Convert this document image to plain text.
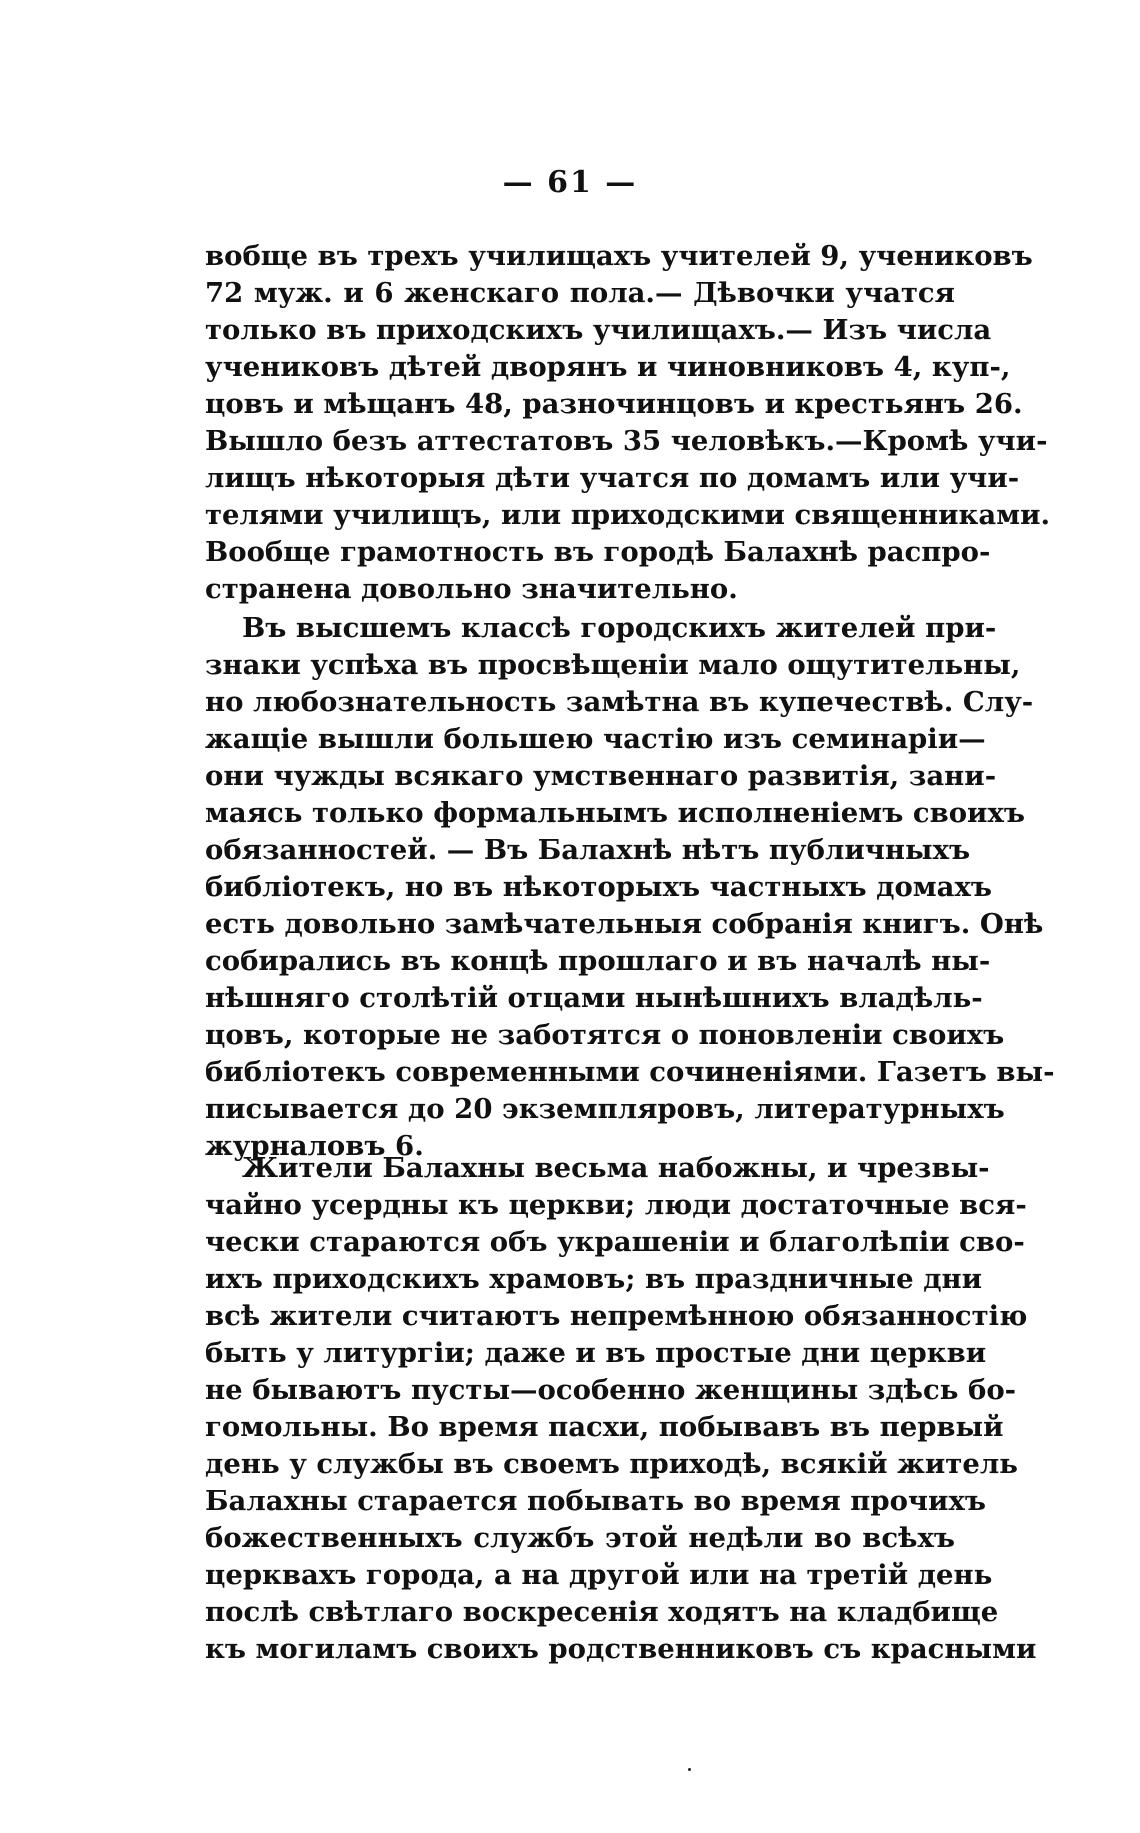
— 61 —
вобще въ трехъ училищахъ учителей 9, учениковъ
72 муж. и 6 женскаго пола.— Дѣвочки учатся
только въ приходскихъ училищахъ.— Изъ числа
учениковъ дѣтей дворянъ и чиновниковъ 4, куп-,
цовъ и мѣщанъ 48, разночинцовъ и крестьянъ 26.
Вышло безъ аттестатовъ 35 человѣкъ.—Кромѣ учи-
лищъ нѣкоторыя дѣти учатся по домамъ или учи-
телями училищъ, или приходскими священниками.
Вообще грамотность въ городѣ Балахнѣ распро-
странена довольно значительно.
Въ высшемъ классѣ городскихъ жителей при-
знаки успѣха въ просвѣщеніи мало ощутительны,
но любознательность замѣтна въ купечествѣ. Слу-
жащіе вышли большею частію изъ семинаріи—
они чужды всякаго умственнаго развитія, зани-
маясь только формальнымъ исполненіемъ своихъ
обязанностей. — Въ Балахнѣ нѣтъ публичныхъ
библіотекъ, но въ нѣкоторыхъ частныхъ домахъ
есть довольно замѣчательныя собранія книгъ. Онѣ
собирались въ концѣ прошлаго и въ началѣ ны-
нѣшняго столѣтій отцами нынѣшнихъ владѣль-
цовъ, которые не заботятся о поновленіи своихъ
библіотекъ современными сочиненіями. Газетъ вы-
писывается до 20 экземпляровъ, литературныхъ
журналовъ 6.
Жители Балахны весьма набожны, и чрезвы-
чайно усердны къ церкви; люди достаточные вся-
чески стараются объ украшеніи и благолѣпіи сво-
ихъ приходскихъ храмовъ; въ праздничные дни
всѣ жители считаютъ непремѣнною обязанностію
быть у литургіи; даже и въ простые дни церкви
не бываютъ пусты—особенно женщины здѣсь бо-
гомольны. Во время пасхи, побывавъ въ первый
день у службы въ своемъ приходѣ, всякій житель
Балахны старается побывать во время прочихъ
божественныхъ службъ этой недѣли во всѣхъ
церквахъ города, а на другой или на третій день
послѣ свѣтлаго воскресенія ходятъ на кладбище
къ могиламъ своихъ родственниковъ съ красными
